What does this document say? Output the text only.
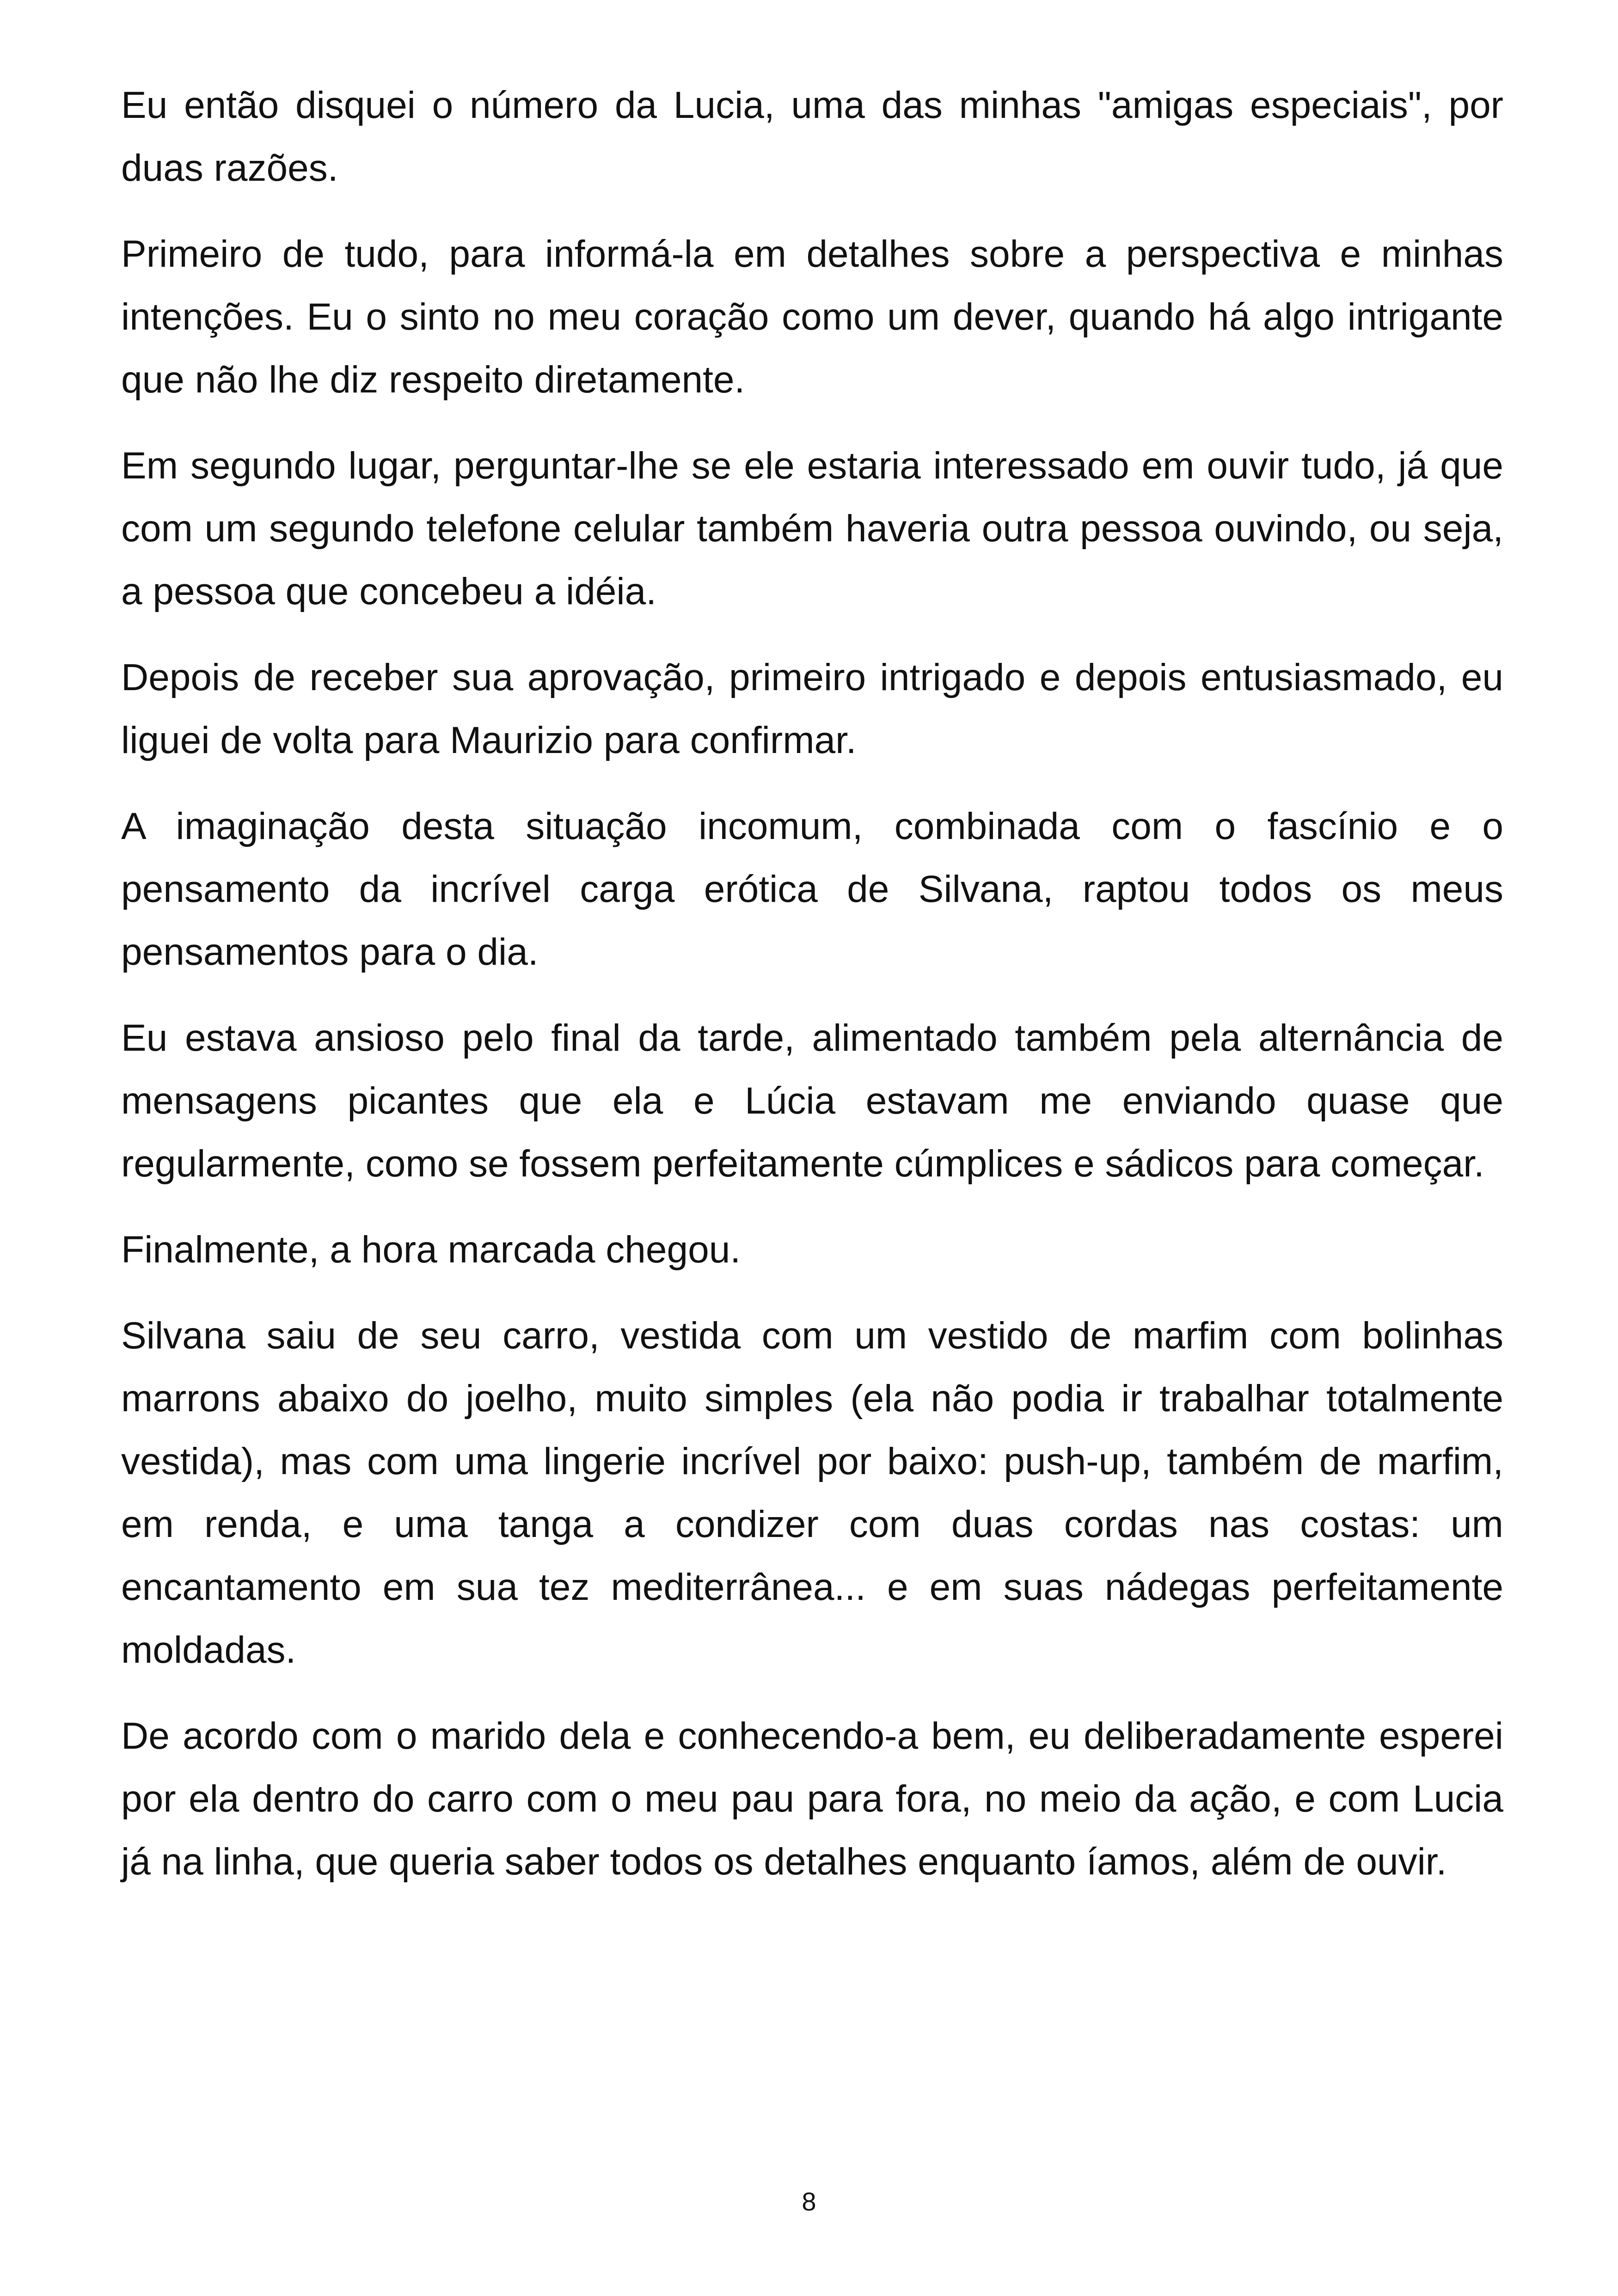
Eu então disquei o número da Lucia, uma das minhas "amigas especiais", por duas razões.

Primeiro de tudo, para informá-la em detalhes sobre a perspectiva e minhas intenções. Eu o sinto no meu coração como um dever, quando há algo intrigante que não lhe diz respeito diretamente.

Em segundo lugar, perguntar-lhe se ele estaria interessado em ouvir tudo, já que com um segundo telefone celular também haveria outra pessoa ouvindo, ou seja, a pessoa que concebeu a idéia.

Depois de receber sua aprovação, primeiro intrigado e depois entusiasmado, eu liguei de volta para Maurizio para confirmar.

A imaginação desta situação incomum, combinada com o fascínio e o pensamento da incrível carga erótica de Silvana, raptou todos os meus pensamentos para o dia.

Eu estava ansioso pelo final da tarde, alimentado também pela alternância de mensagens picantes que ela e Lúcia estavam me enviando quase que regularmente, como se fossem perfeitamente cúmplices e sádicos para começar.

Finalmente, a hora marcada chegou.

Silvana saiu de seu carro, vestida com um vestido de marfim com bolinhas marrons abaixo do joelho, muito simples (ela não podia ir trabalhar totalmente vestida), mas com uma lingerie incrível por baixo: push-up, também de marfim, em renda, e uma tanga a condizer com duas cordas nas costas: um encantamento em sua tez mediterrânea... e em suas nádegas perfeitamente moldadas.

De acordo com o marido dela e conhecendo-a bem, eu deliberadamente esperei por ela dentro do carro com o meu pau para fora, no meio da ação, e com Lucia já na linha, que queria saber todos os detalhes enquanto íamos, além de ouvir.

8
